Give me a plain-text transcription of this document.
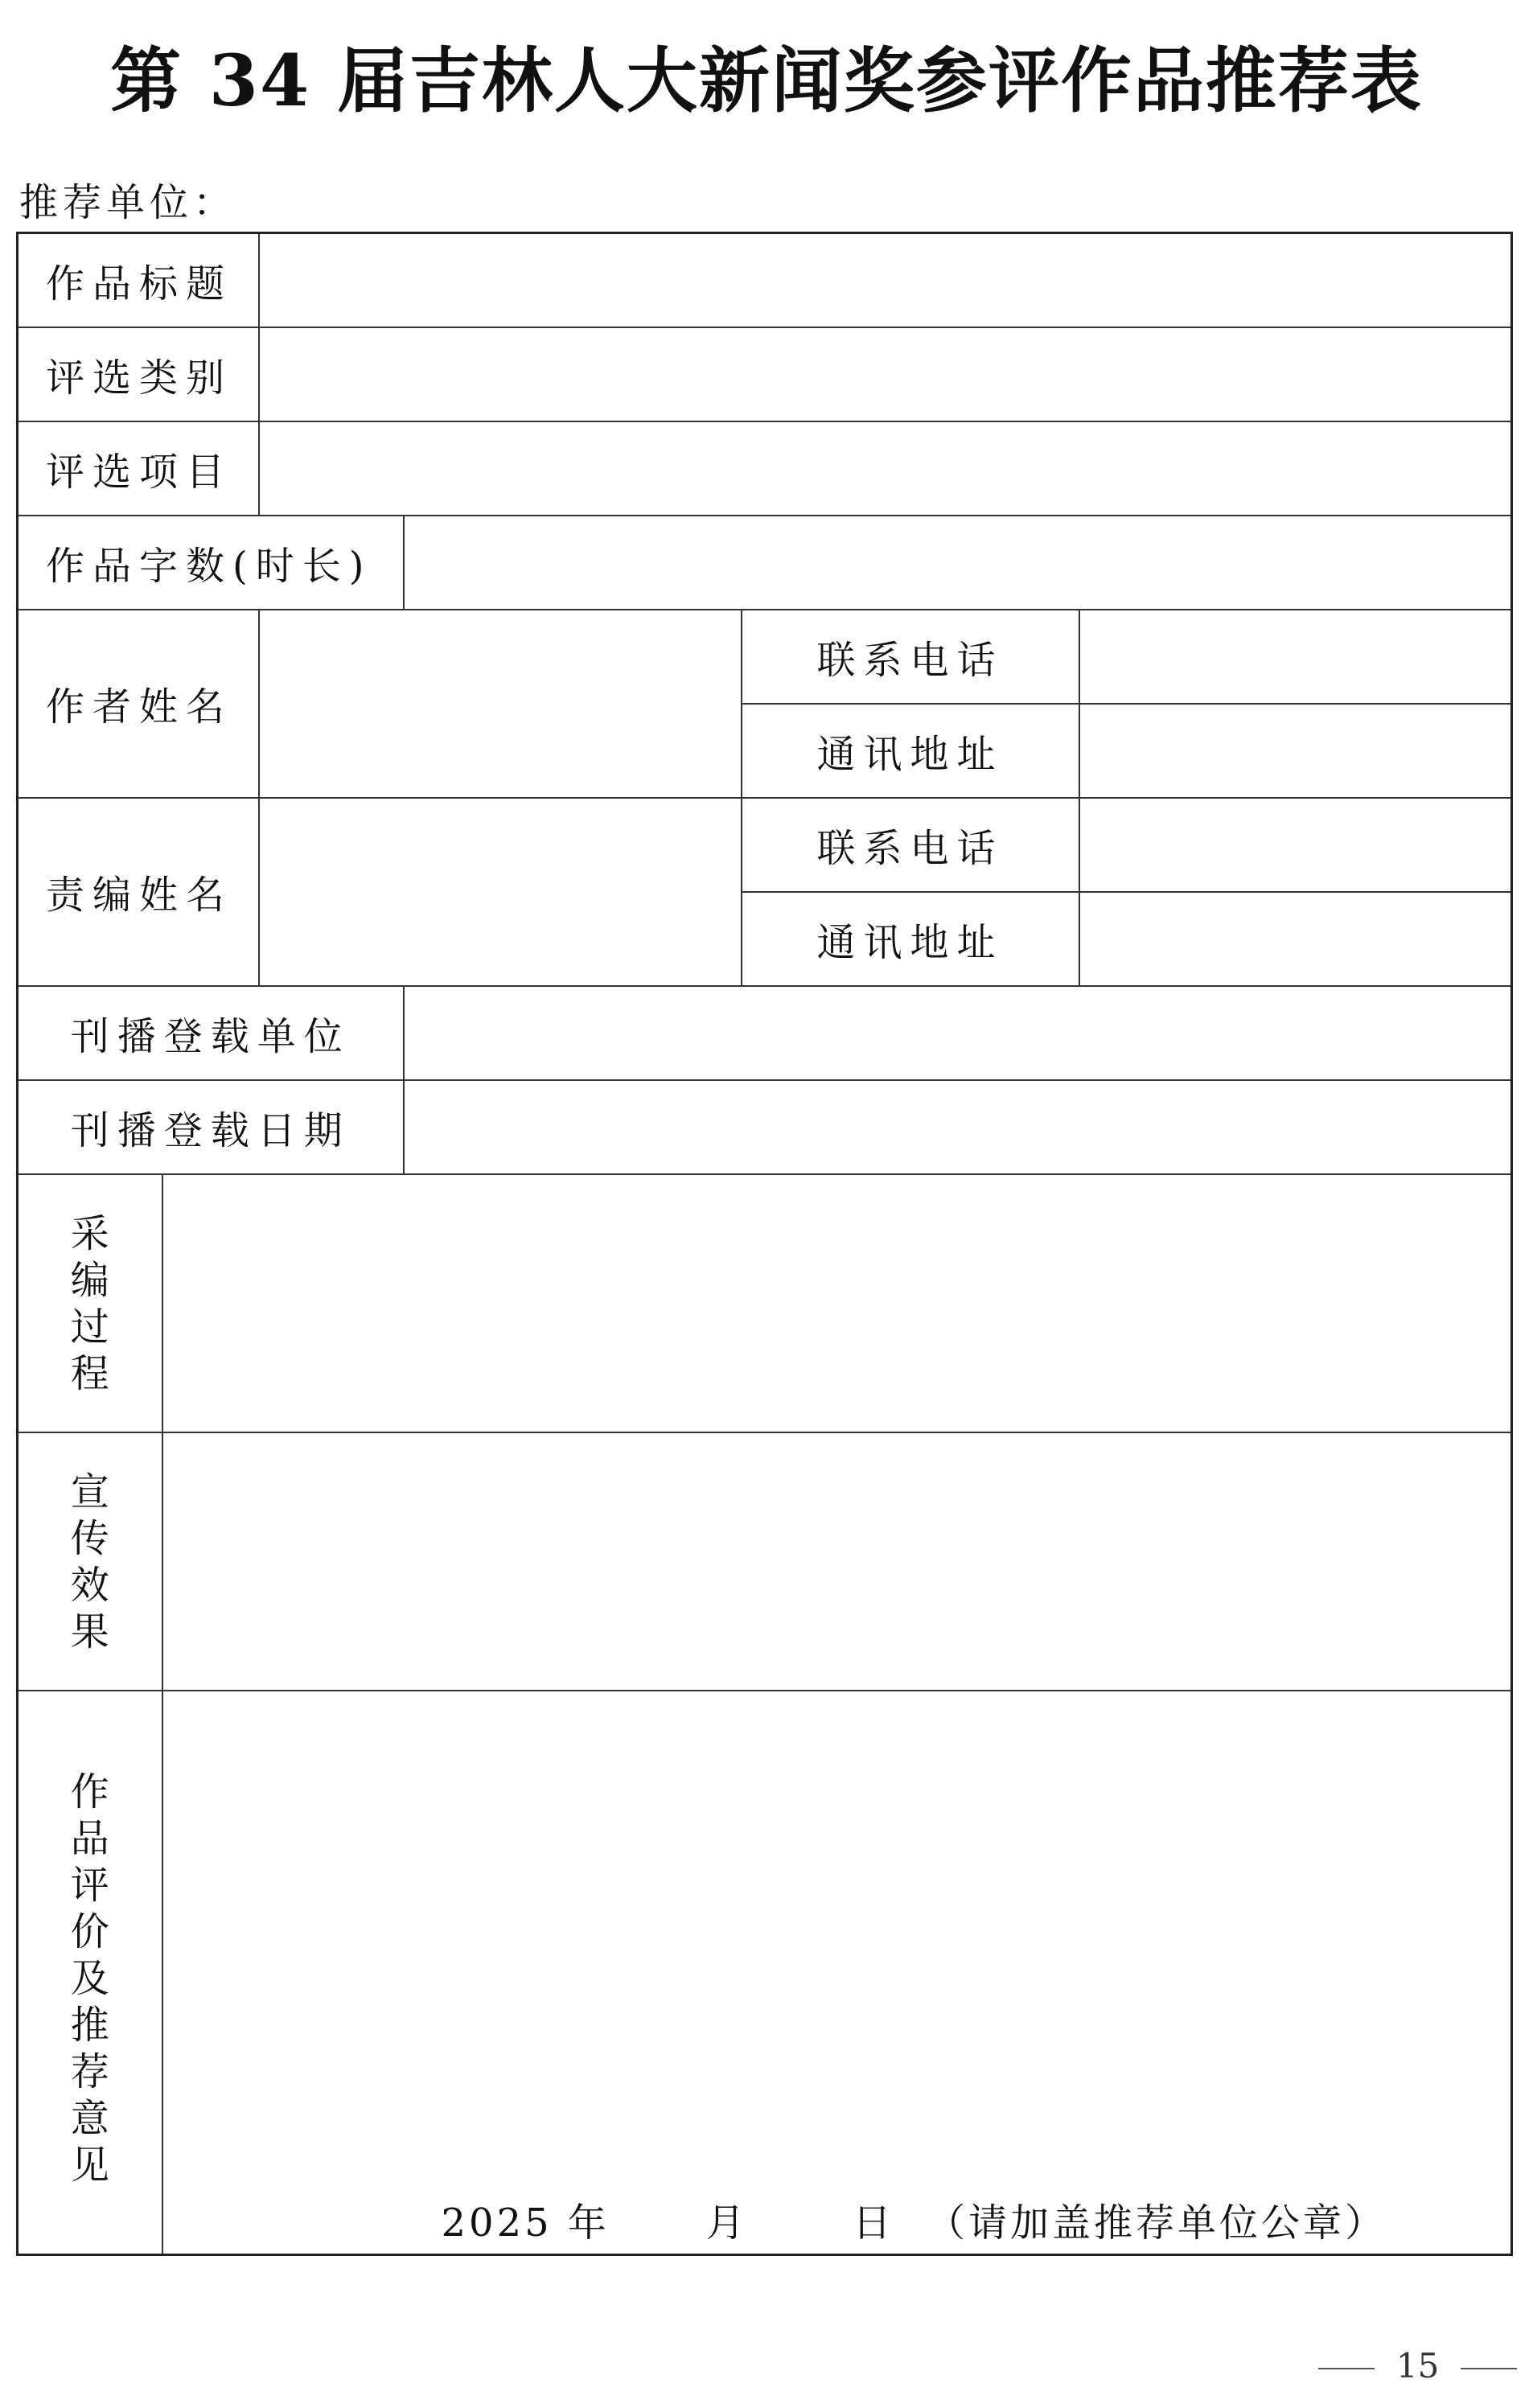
第 34 届吉林人大新闻奖参评作品推荐表
推荐单位：
作品标题					
评选类别					
评选项目					
作品字数(时长)					
作者姓名				联系电话	
				通讯地址	
责编姓名				联系电话	
				通讯地址	
刊播登载单位					
刊播登载日期					
采编过程					
宣传效果					
作品评价及推荐意见	2025 年 月 日 （请加盖推荐单位公章）				
15
